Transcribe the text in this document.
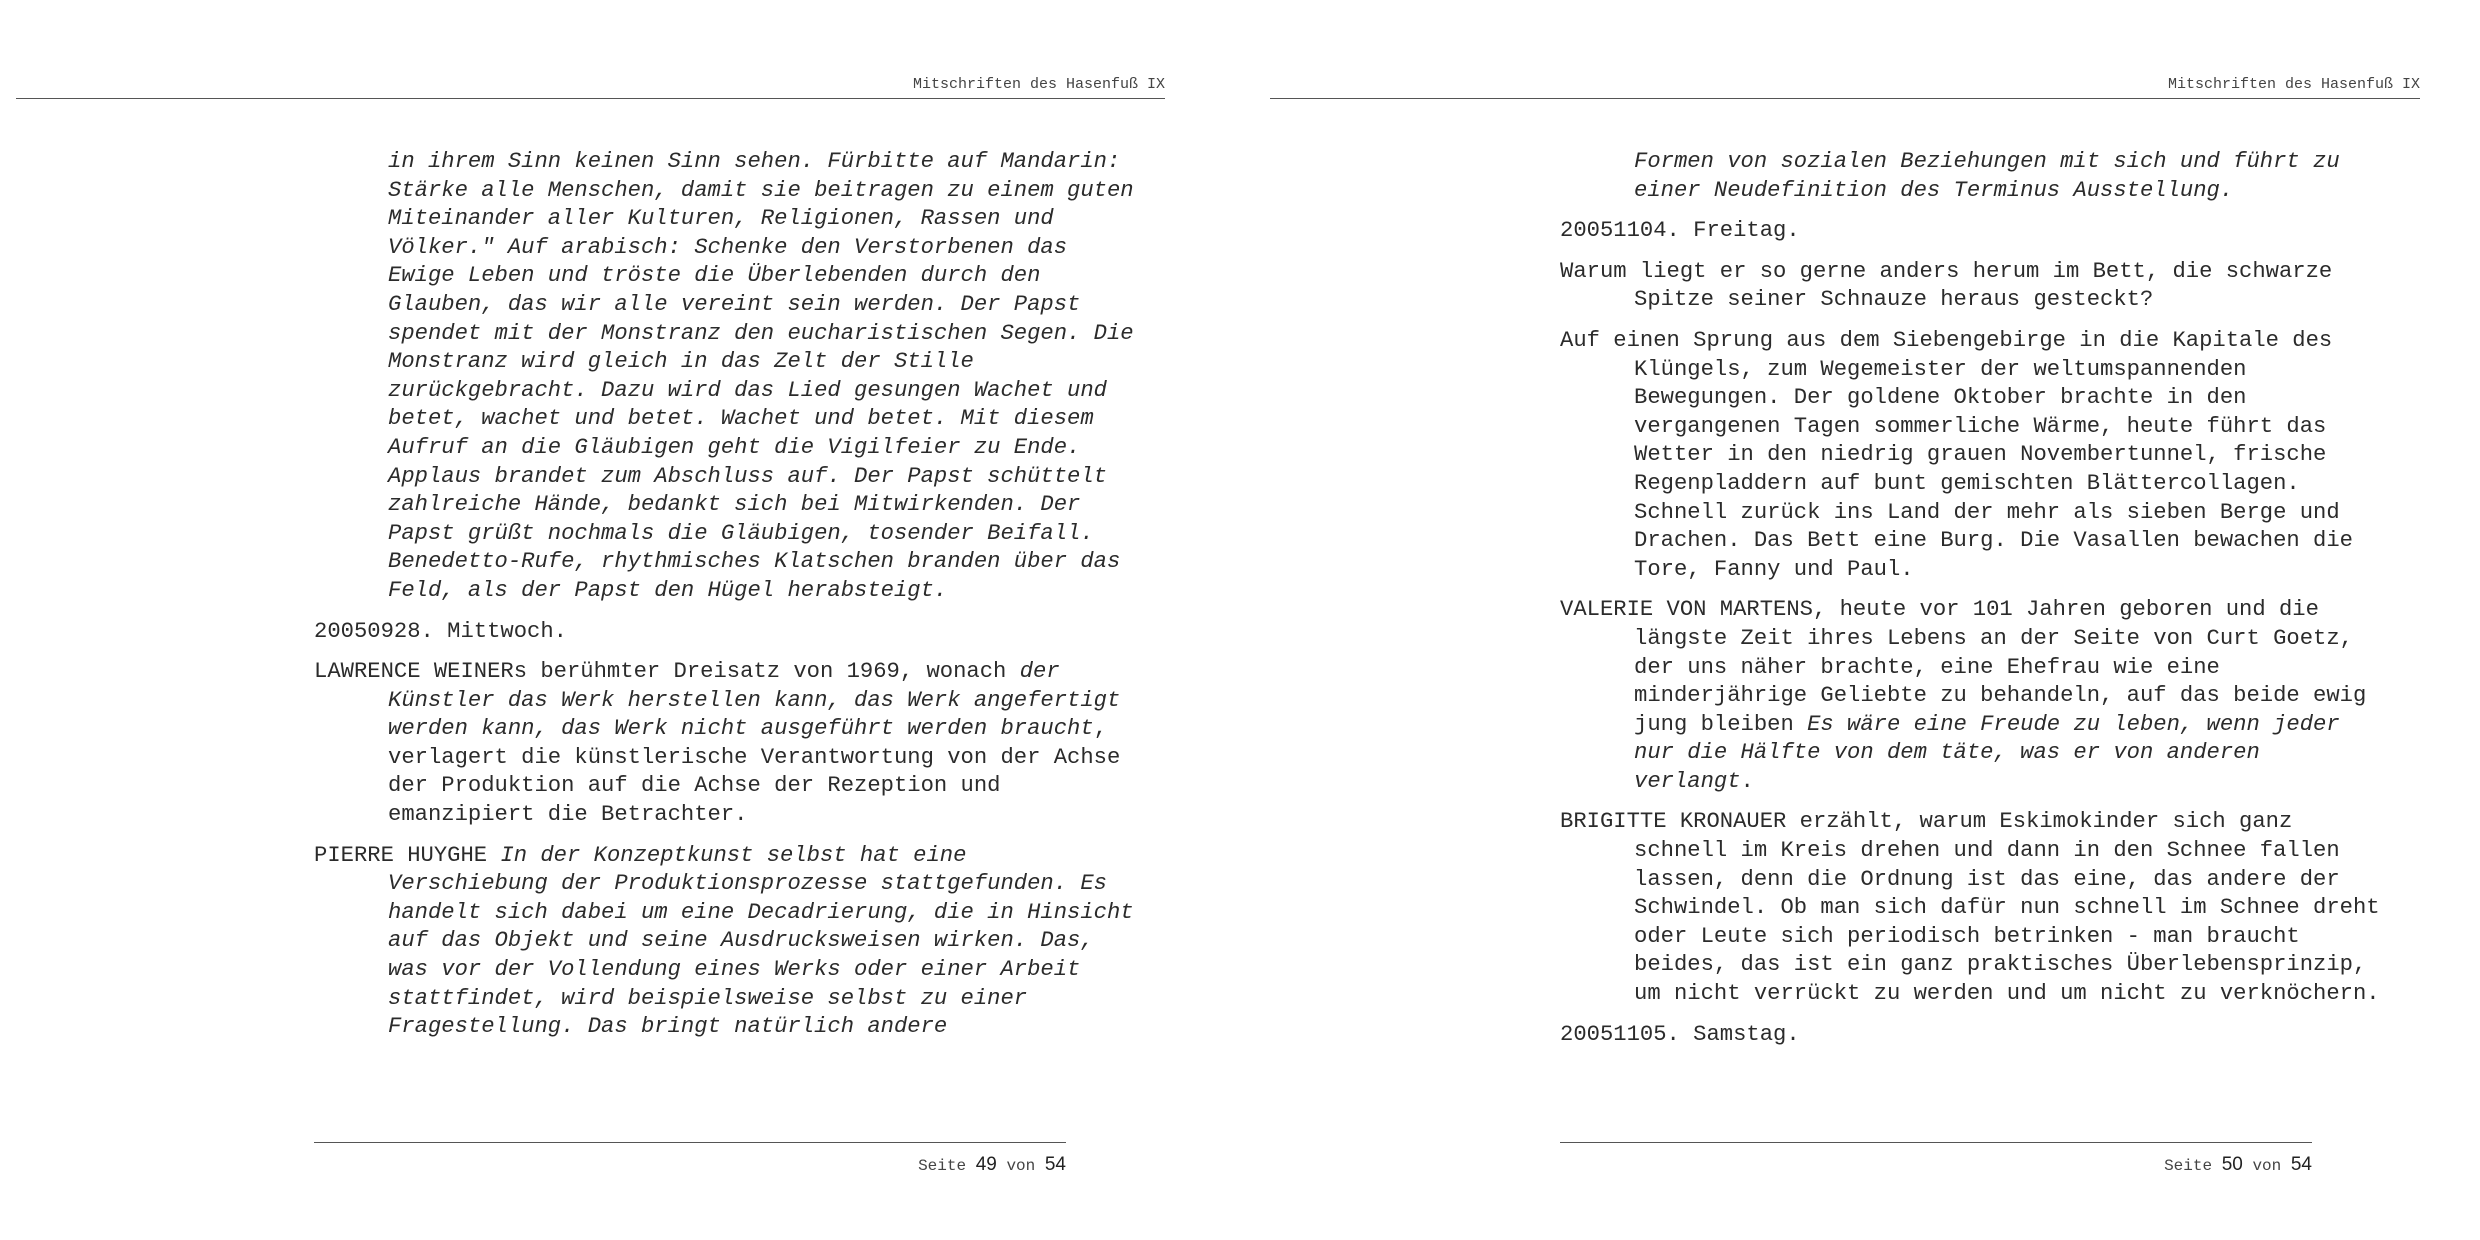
Mitschriften des Hasenfuß IX

in ihrem Sinn keinen Sinn sehen. Fürbitte auf Mandarin: Stärke alle Menschen, damit sie beitragen zu einem guten Miteinander aller Kulturen, Religionen, Rassen und Völker." Auf arabisch: Schenke den Verstorbenen das Ewige Leben und tröste die Überlebenden durch den Glauben, das wir alle vereint sein werden. Der Papst spendet mit der Monstranz den eucharistischen Segen. Die Monstranz wird gleich in das Zelt der Stille zurückgebracht. Dazu wird das Lied gesungen Wachet und betet, wachet und betet. Wachet und betet. Mit diesem Aufruf an die Gläubigen geht die Vigilfeier zu Ende. Applaus brandet zum Abschluss auf. Der Papst schüttelt zahlreiche Hände, bedankt sich bei Mitwirkenden. Der Papst grüßt nochmals die Gläubigen, tosender Beifall. Benedetto-Rufe, rhythmisches Klatschen branden über das Feld, als der Papst den Hügel herabsteigt.

20050928. Mittwoch.

LAWRENCE WEINERs berühmter Dreisatz von 1969, wonach der Künstler das Werk herstellen kann, das Werk angefertigt werden kann, das Werk nicht ausgeführt werden braucht, verlagert die künstlerische Verantwortung von der Achse der Produktion auf die Achse der Rezeption und emanzipiert die Betrachter.

PIERRE HUYGHE In der Konzeptkunst selbst hat eine Verschiebung der Produktionsprozesse stattgefunden. Es handelt sich dabei um eine Decadrierung, die in Hinsicht auf das Objekt und seine Ausdrucksweisen wirken. Das, was vor der Vollendung eines Werks oder einer Arbeit stattfindet, wird beispielsweise selbst zu einer Fragestellung. Das bringt natürlich andere

Seite 49 von 54
Mitschriften des Hasenfuß IX

Formen von sozialen Beziehungen mit sich und führt zu einer Neudefinition des Terminus Ausstellung.

20051104. Freitag.

Warum liegt er so gerne anders herum im Bett, die schwarze Spitze seiner Schnauze heraus gesteckt?

Auf einen Sprung aus dem Siebengebirge in die Kapitale des Klüngels, zum Wegemeister der weltumspannenden Bewegungen. Der goldene Oktober brachte in den vergangenen Tagen sommerliche Wärme, heute führt das Wetter in den niedrig grauen Novembertunnel, frische Regenpladdern auf bunt gemischten Blättercollagen. Schnell zurück ins Land der mehr als sieben Berge und Drachen. Das Bett eine Burg. Die Vasallen bewachen die Tore, Fanny und Paul.

VALERIE VON MARTENS, heute vor 101 Jahren geboren und die längste Zeit ihres Lebens an der Seite von Curt Goetz, der uns näher brachte, eine Ehefrau wie eine minderjährige Geliebte zu behandeln, auf das beide ewig jung bleiben Es wäre eine Freude zu leben, wenn jeder nur die Hälfte von dem täte, was er von anderen verlangt.

BRIGITTE KRONAUER erzählt, warum Eskimokinder sich ganz schnell im Kreis drehen und dann in den Schnee fallen lassen, denn die Ordnung ist das eine, das andere der Schwindel. Ob man sich dafür nun schnell im Schnee dreht oder Leute sich periodisch betrinken - man braucht beides, das ist ein ganz praktisches Überlebensprinzip, um nicht verrückt zu werden und um nicht zu verknöchern.

20051105. Samstag.

Seite 50 von 54
